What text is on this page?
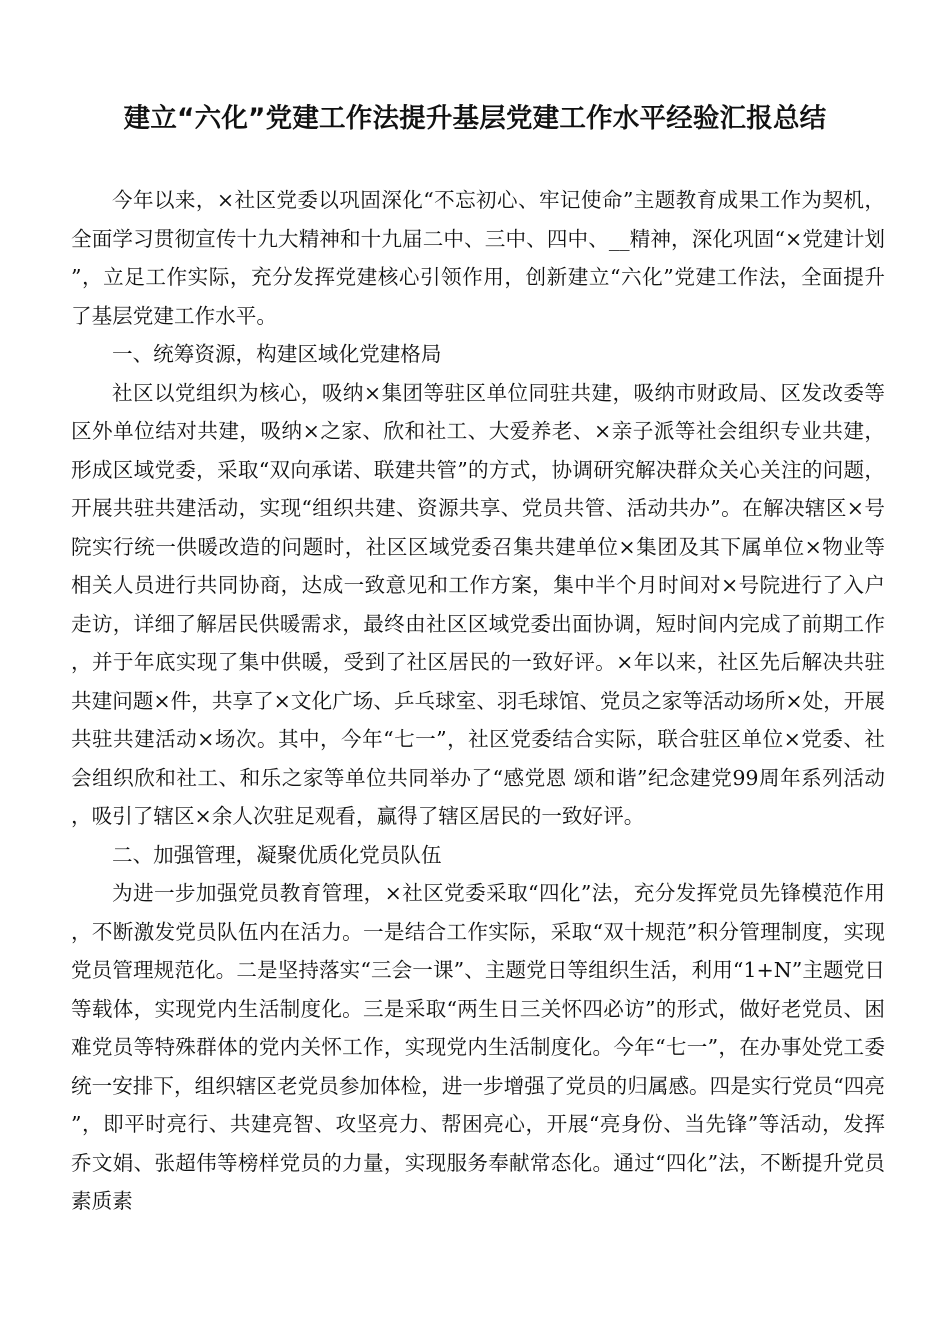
建立“六化”党建工作法提升基层党建工作水平经验汇报总结

今年以来，×社区党委以巩固深化“不忘初心、牢记使命”主题教育成果工作为契机，全面学习贯彻宣传十九大精神和十九届二中、三中、四中、__精神，深化巩固“×党建计划”，立足工作实际，充分发挥党建核心引领作用，创新建立“六化”党建工作法，全面提升了基层党建工作水平。

一、统筹资源，构建区域化党建格局

社区以党组织为核心，吸纳×集团等驻区单位同驻共建，吸纳市财政局、区发改委等区外单位结对共建，吸纳×之家、欣和社工、大爱养老、×亲子派等社会组织专业共建，形成区域党委，采取“双向承诺、联建共管”的方式，协调研究解决群众关心关注的问题，开展共驻共建活动，实现“组织共建、资源共享、党员共管、活动共办”。在解决辖区×号院实行统一供暖改造的问题时，社区区域党委召集共建单位×集团及其下属单位×物业等相关人员进行共同协商，达成一致意见和工作方案，集中半个月时间对×号院进行了入户走访，详细了解居民供暖需求，最终由社区区域党委出面协调，短时间内完成了前期工作，并于年底实现了集中供暖，受到了社区居民的一致好评。×年以来，社区先后解决共驻共建问题×件，共享了×文化广场、乒乓球室、羽毛球馆、党员之家等活动场所×处，开展共驻共建活动×场次。其中，今年“七一”，社区党委结合实际，联合驻区单位×党委、社会组织欣和社工、和乐之家等单位共同举办了“感党恩 颂和谐”纪念建党99周年系列活动，吸引了辖区×余人次驻足观看，赢得了辖区居民的一致好评。

二、加强管理，凝聚优质化党员队伍

为进一步加强党员教育管理，×社区党委采取“四化”法，充分发挥党员先锋模范作用，不断激发党员队伍内在活力。一是结合工作实际，采取“双十规范”积分管理制度，实现党员管理规范化。二是坚持落实“三会一课”、主题党日等组织生活，利用“1+N”主题党日等载体，实现党内生活制度化。三是采取“两生日三关怀四必访”的形式，做好老党员、困难党员等特殊群体的党内关怀工作，实现党内生活制度化。今年“七一”，在办事处党工委统一安排下，组织辖区老党员参加体检，进一步增强了党员的归属感。四是实行党员“四亮”，即平时亮行、共建亮智、攻坚亮力、帮困亮心，开展“亮身份、当先锋”等活动，发挥乔文娟、张超伟等榜样党员的力量，实现服务奉献常态化。通过“四化”法，不断提升党员素质素
